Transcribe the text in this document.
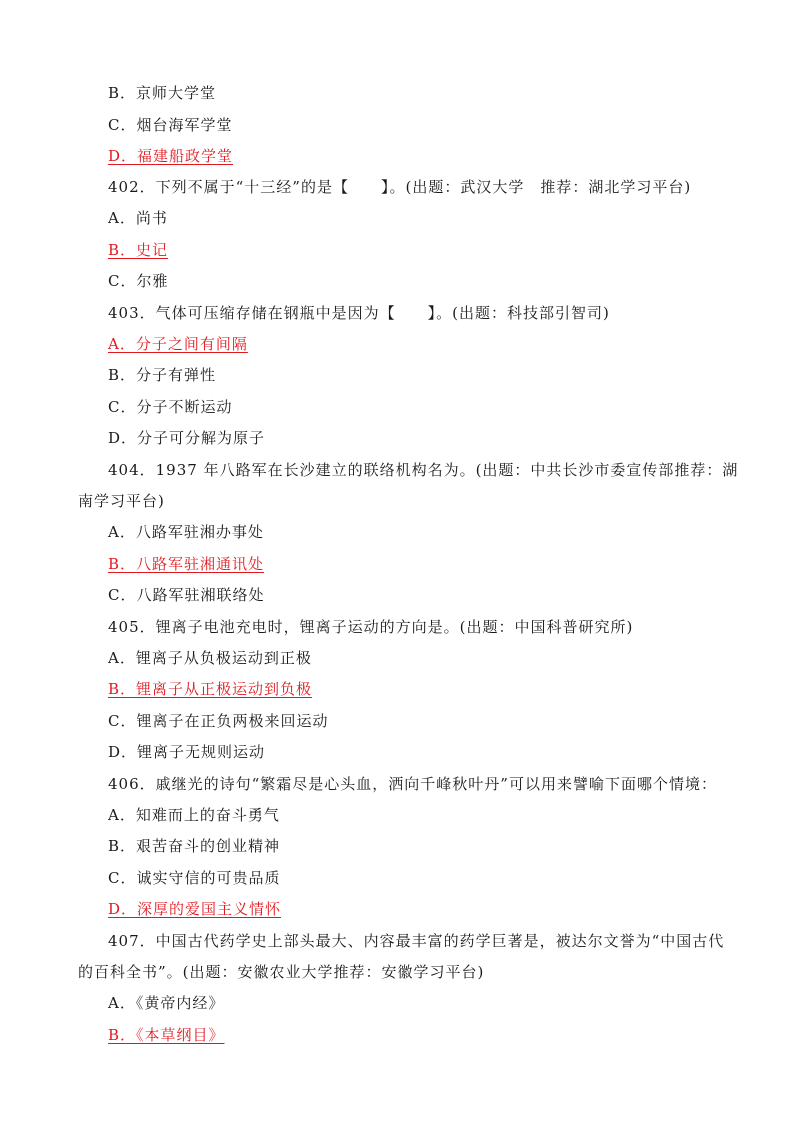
B．京师大学堂
C．烟台海军学堂
D．福建船政学堂
402．下列不属于“十三经”的是【　　】。(出题：武汉大学　推荐：湖北学习平台)
A．尚书
B．史记
C．尔雅
403．气体可压缩存储在钢瓶中是因为【　　】。(出题：科技部引智司)
A．分子之间有间隔
B．分子有弹性
C．分子不断运动
D．分子可分解为原子
404．1937 年八路军在长沙建立的联络机构名为。(出题：中共长沙市委宣传部推荐：湖
南学习平台)
A．八路军驻湘办事处
B．八路军驻湘通讯处
C．八路军驻湘联络处
405．锂离子电池充电时，锂离子运动的方向是。(出题：中国科普研究所)
A．锂离子从负极运动到正极
B．锂离子从正极运动到负极
C．锂离子在正负两极来回运动
D．锂离子无规则运动
406．戚继光的诗句“繁霜尽是心头血，洒向千峰秋叶丹”可以用来譬喻下面哪个情境：
A．知难而上的奋斗勇气
B．艰苦奋斗的创业精神
C．诚实守信的可贵品质
D．深厚的爱国主义情怀
407．中国古代药学史上部头最大、内容最丰富的药学巨著是，被达尔文誉为“中国古代
的百科全书”。(出题：安徽农业大学推荐：安徽学习平台)
A．《黄帝内经》
B．《本草纲目》
